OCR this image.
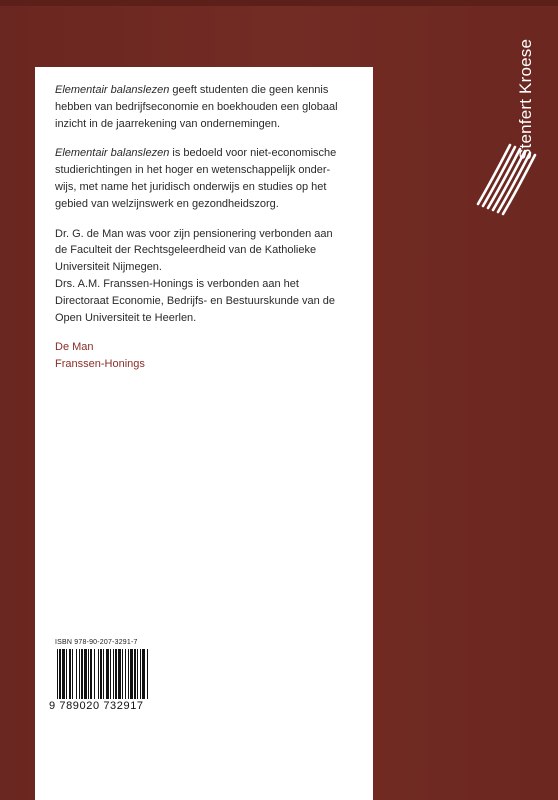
Elementair balanslezen geeft studenten die geen kennis
hebben van bedrijfseconomie en boekhouden een globaal
inzicht in de jaarrekening van ondernemingen.

Elementair balanslezen is bedoeld voor niet-economische
studierichtingen in het hoger en wetenschappelijk onder-
wijs, met name het juridisch onderwijs en studies op het
gebied van welzijnswerk en gezondheidszorg.

Dr. G. de Man was voor zijn pensionering verbonden aan
de Faculteit der Rechtsgeleerdheid van de Katholieke
Universiteit Nijmegen.
Drs. A.M. Franssen-Honings is verbonden aan het
Directoraat Economie, Bedrijfs- en Bestuurskunde van de
Open Universiteit te Heerlen.

De Man
Franssen-Honings
ISBN 978-90-207-3291-7
9 789020 732917
Stenfert Kroese
